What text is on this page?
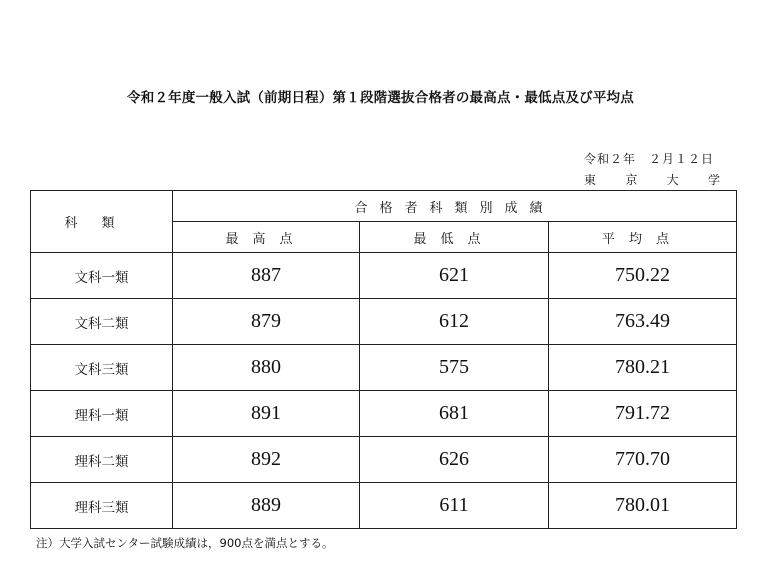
令和２年度一般入試（前期日程）第１段階選抜合格者の最高点・最低点及び平均点
令和２年　２月１２日
東 京 大 学
科類	合格者科類別成績		
	最高点	最低点	平均点
文科一類	887	621	750.22
文科二類	879	612	763.49
文科三類	880	575	780.21
理科一類	891	681	791.72
理科二類	892	626	770.70
理科三類	889	611	780.01
注）大学入試センター試験成績は，900点を満点とする。
